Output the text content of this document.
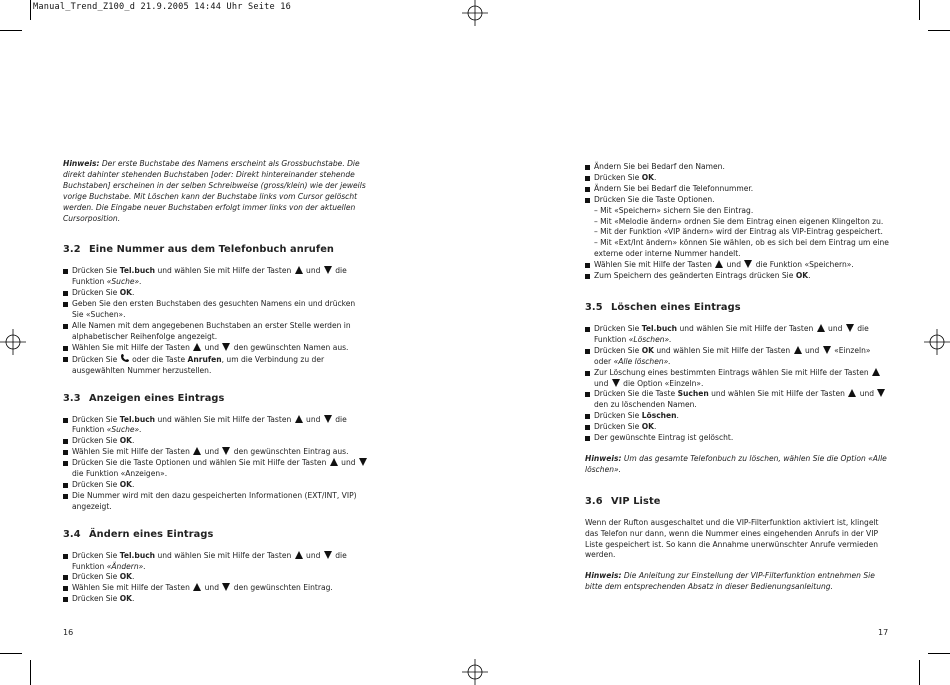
Manual_Trend_Z100_d 21.9.2005 14:44 Uhr Seite 16

Hinweis: Der erste Buchstabe des Namens erscheint als Grossbuchstabe. Die direkt dahinter stehenden Buchstaben [oder: Direkt hintereinander stehende Buchstaben] erscheinen in der selben Schreibweise (gross/klein) wie der jeweils vorige Buchstabe. Mit Löschen kann der Buchstabe links vom Cursor gelöscht werden. Die Eingabe neuer Buchstaben erfolgt immer links von der aktuellen Cursorposition.

3.2 Eine Nummer aus dem Telefonbuch anrufen
Drücken Sie Tel.buch und wählen Sie mit Hilfe der Tasten  und  die Funktion «Suche».
Drücken Sie OK.
Geben Sie den ersten Buchstaben des gesuchten Namens ein und drücken Sie «Suchen».
Alle Namen mit dem angegebenen Buchstaben an erster Stelle werden in alphabetischer Reihenfolge angezeigt.
Wählen Sie mit Hilfe der Tasten  und  den gewünschten Namen aus.
Drücken Sie  oder die Taste Anrufen, um die Verbindung zu der ausgewählten Nummer herzustellen.
3.3 Anzeigen eines Eintrags
Drücken Sie Tel.buch und wählen Sie mit Hilfe der Tasten  und  die Funktion «Suche».
Drücken Sie OK.
Wählen Sie mit Hilfe der Tasten  und  den gewünschten Eintrag aus.
Drücken Sie die Taste Optionen und wählen Sie mit Hilfe der Tasten  und  die Funktion «Anzeigen».
Drücken Sie OK.
Die Nummer wird mit den dazu gespeicherten Informationen (EXT/INT, VIP) angezeigt.
3.4 Ändern eines Eintrags
Drücken Sie Tel.buch und wählen Sie mit Hilfe der Tasten  und  die Funktion «Ändern».
Drücken Sie OK.
Wählen Sie mit Hilfe der Tasten  und  den gewünschten Eintrag.
Drücken Sie OK.
16
Ändern Sie bei Bedarf den Namen.
Drücken Sie OK.
Ändern Sie bei Bedarf die Telefonnummer.
Drücken Sie die Taste Optionen.
– Mit «Speichern» sichern Sie den Eintrag.
– Mit «Melodie ändern» ordnen Sie dem Eintrag einen eigenen Klingelton zu.
– Mit der Funktion «VIP ändern» wird der Eintrag als VIP-Eintrag gespeichert.
– Mit «Ext/Int ändern» können Sie wählen, ob es sich bei dem Eintrag um eine externe oder interne Nummer handelt.
Wählen Sie mit Hilfe der Tasten  und  die Funktion «Speichern».
Zum Speichern des geänderten Eintrags drücken Sie OK.
3.5 Löschen eines Eintrags
Drücken Sie Tel.buch und wählen Sie mit Hilfe der Tasten  und  die Funktion «Löschen».
Drücken Sie OK und wählen Sie mit Hilfe der Tasten  und  «Einzeln» oder «Alle löschen».
Zur Löschung eines bestimmten Eintrags wählen Sie mit Hilfe der Tasten  und  die Option «Einzeln».
Drücken Sie die Taste Suchen und wählen Sie mit Hilfe der Tasten  und  den zu löschenden Namen.
Drücken Sie Löschen.
Drücken Sie OK.
Der gewünschte Eintrag ist gelöscht.

Hinweis: Um das gesamte Telefonbuch zu löschen, wählen Sie die Option «Alle löschen».

3.6 VIP Liste

Wenn der Rufton ausgeschaltet und die VIP-Filterfunktion aktiviert ist, klingelt das Telefon nur dann, wenn die Nummer eines eingehenden Anrufs in der VIP Liste gespeichert ist. So kann die Annahme unerwünschter Anrufe vermieden werden.

Hinweis: Die Anleitung zur Einstellung der VIP-Filterfunktion entnehmen Sie bitte dem entsprechenden Absatz in dieser Bedienungsanleitung.

17
